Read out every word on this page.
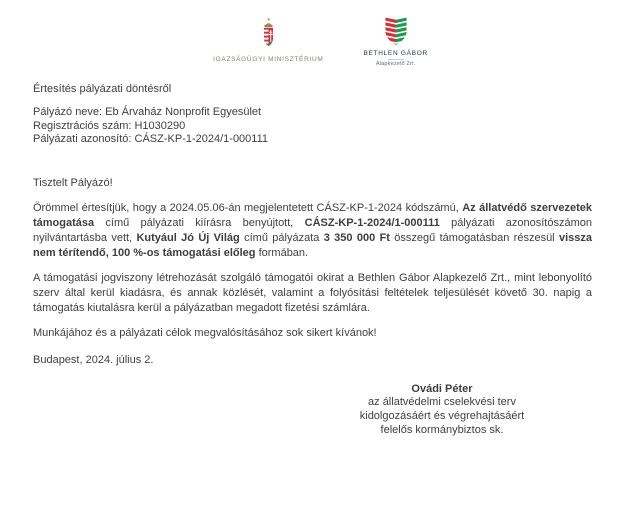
IGAZSÁGÜGYI MINISZTÉRIUM
BETHLEN GÁBOR
Alapkezelő Zrt.
Értesítés pályázati döntésről
Pályázó neve: Eb Árvaház Nonprofit Egyesület
Regisztrációs szám: H1030290
Pályázati azonosító: CÁSZ-KP-1-2024/1-000111
Tisztelt Pályázó!

Örömmel értesítjük, hogy a 2024.05.06-án megjelentetett CÁSZ-KP-1-2024 kódszámú, Az állatvédő szervezetek támogatása című pályázati kiírásra benyújtott, CÁSZ-KP-1-2024/1-000111 pályázati azonosítószámon nyilvántartásba vett, Kutyául Jó Új Világ című pályázata 3 350 000 Ft összegű támogatásban részesül vissza nem térítendő, 100 %-os támogatási előleg formában.

A támogatási jogviszony létrehozását szolgáló támogatói okirat a Bethlen Gábor Alapkezelő Zrt., mint lebonyolító szerv által kerül kiadásra, és annak közlését, valamint a folyósítási feltételek teljesülését követő 30. napig a támogatás kiutalásra kerül a pályázatban megadott fizetési számlára.

Munkájához és a pályázati célok megvalósításához sok sikert kívánok!
Budapest, 2024. július 2.
Ovádi Péter
az állatvédelmi cselekvési terv
kidolgozásáért és végrehajtásáért
felelős kormánybiztos sk.
